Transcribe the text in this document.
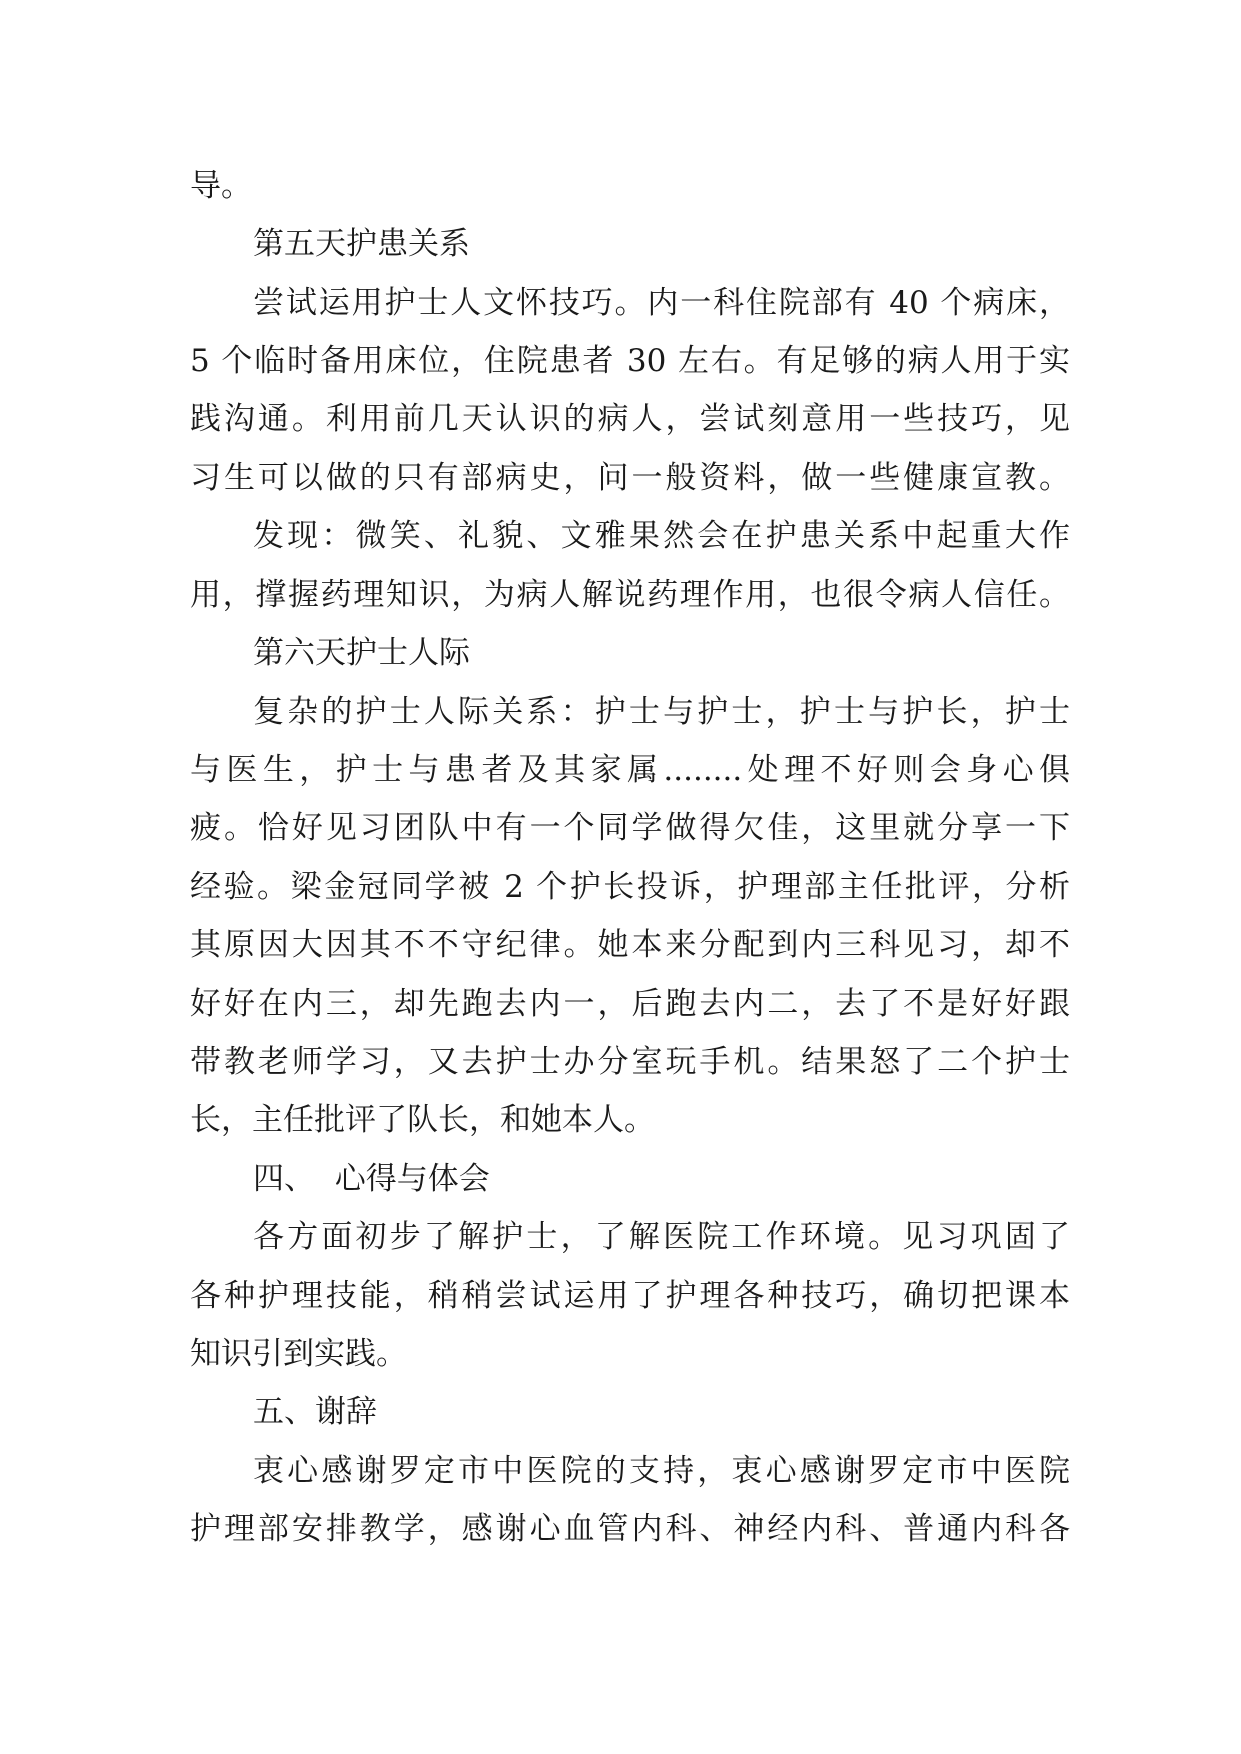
导。
第五天护患关系
尝试运用护士人文怀技巧。内一科住院部有 40 个病床，
5 个临时备用床位，住院患者 30 左右。有足够的病人用于实
践沟通。利用前几天认识的病人，尝试刻意用一些技巧，见
习生可以做的只有部病史，问一般资料，做一些健康宣教。
发现：微笑、礼貌、文雅果然会在护患关系中起重大作
用，撑握药理知识，为病人解说药理作用，也很令病人信任。
第六天护士人际
复杂的护士人际关系：护士与护士，护士与护长，护士
与医生，护士与患者及其家属........处理不好则会身心俱
疲。恰好见习团队中有一个同学做得欠佳，这里就分享一下
经验。梁金冠同学被 2 个护长投诉，护理部主任批评，分析
其原因大因其不不守纪律。她本来分配到内三科见习，却不
好好在内三，却先跑去内一，后跑去内二，去了不是好好跟
带教老师学习，又去护士办分室玩手机。结果怒了二个护士
长，主任批评了队长，和她本人。
四、  心得与体会
各方面初步了解护士，了解医院工作环境。见习巩固了
各种护理技能，稍稍尝试运用了护理各种技巧，确切把课本
知识引到实践。
五、谢辞
衷心感谢罗定市中医院的支持，衷心感谢罗定市中医院
护理部安排教学，感谢心血管内科、神经内科、普通内科各
